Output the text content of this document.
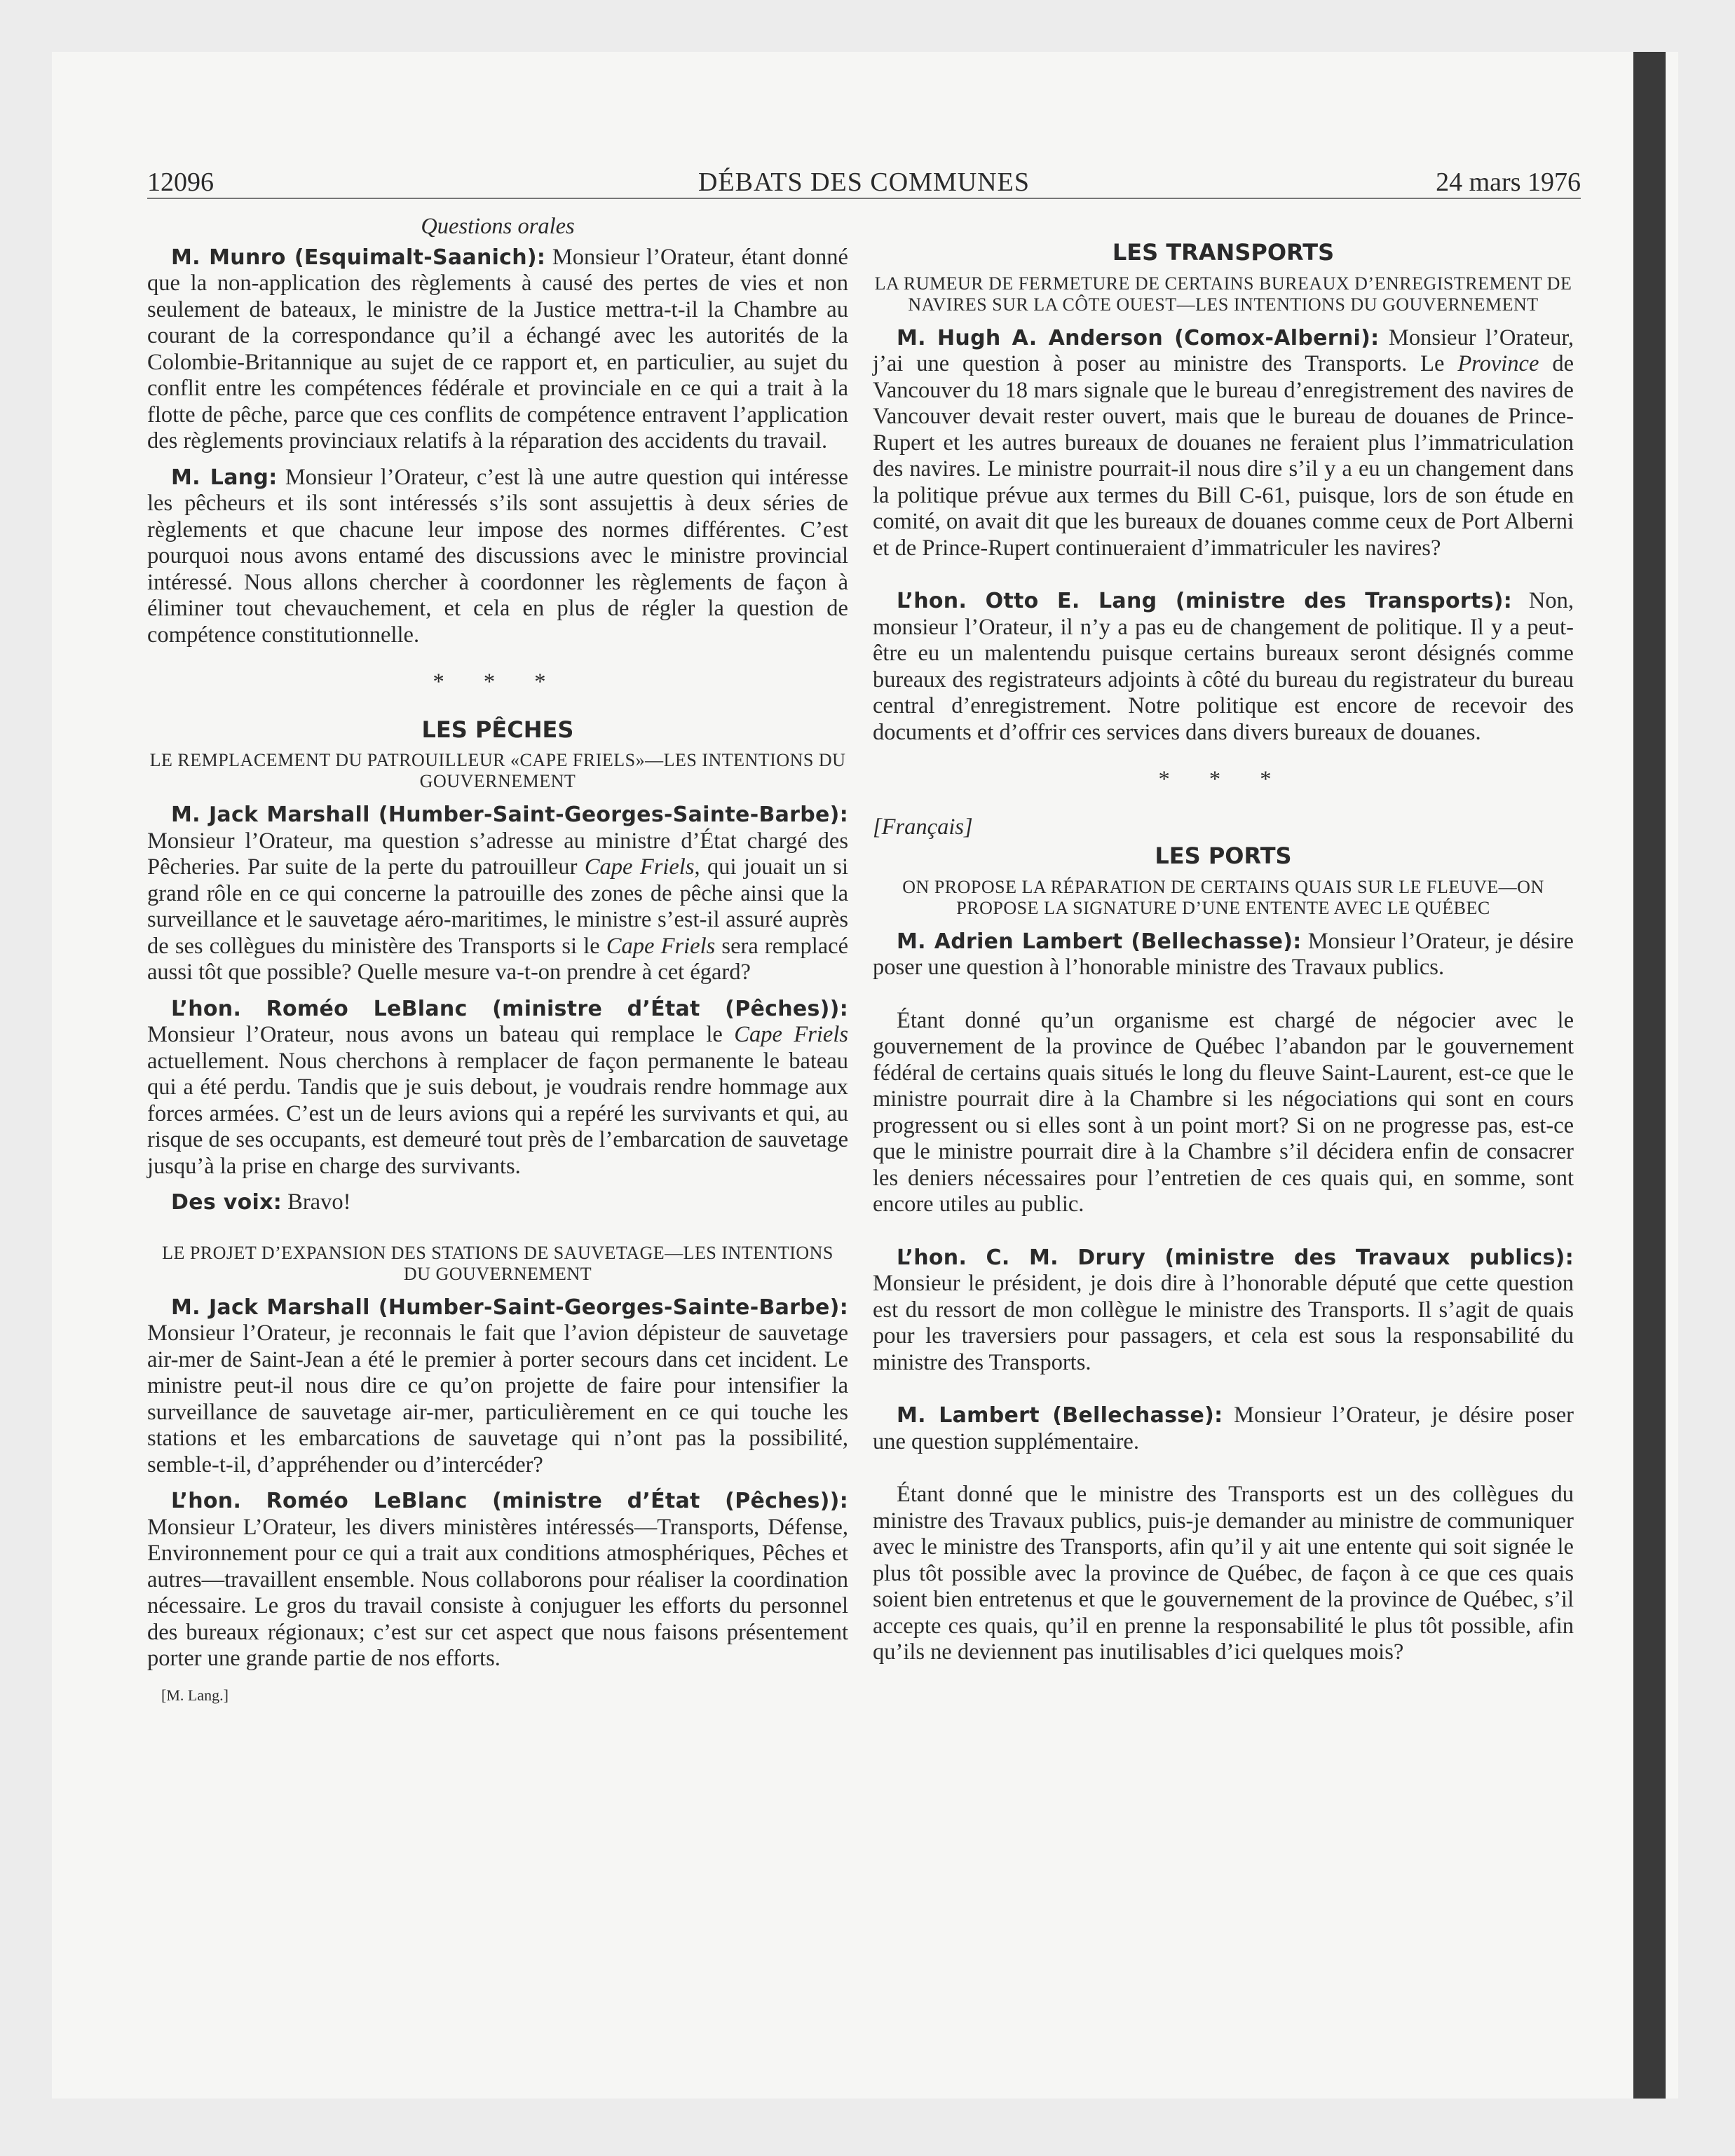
12096	DÉBATS DES COMMUNES	24 mars 1976
Questions orales

M. Munro (Esquimalt-Saanich): Monsieur l’Orateur, étant donné que la non-application des règlements à causé des pertes de vies et non seulement de bateaux, le ministre de la Justice mettra-t-il la Chambre au courant de la correspondance qu’il a échangé avec les autorités de la Colombie-Britannique au sujet de ce rapport et, en particulier, au sujet du conflit entre les compétences fédérale et provinciale en ce qui a trait à la flotte de pêche, parce que ces conflits de compétence entravent l’application des règlements provinciaux relatifs à la réparation des accidents du travail.

M. Lang: Monsieur l’Orateur, c’est là une autre question qui intéresse les pêcheurs et ils sont intéressés s’ils sont assujettis à deux séries de règlements et que chacune leur impose des normes différentes. C’est pourquoi nous avons entamé des discussions avec le ministre provincial intéressé. Nous allons chercher à coordonner les règlements de façon à éliminer tout chevauchement, et cela en plus de régler la question de compétence constitutionnelle.

* * *
LES PÊCHES
LE REMPLACEMENT DU PATROUILLEUR «CAPE FRIELS»—LES INTENTIONS DU GOUVERNEMENT

M. Jack Marshall (Humber-Saint-Georges-Sainte-Barbe): Monsieur l’Orateur, ma question s’adresse au ministre d’État chargé des Pêcheries. Par suite de la perte du patrouilleur Cape Friels, qui jouait un si grand rôle en ce qui concerne la patrouille des zones de pêche ainsi que la surveillance et le sauvetage aéro-maritimes, le ministre s’est-il assuré auprès de ses collègues du ministère des Transports si le Cape Friels sera remplacé aussi tôt que possible? Quelle mesure va-t-on prendre à cet égard?

L’hon. Roméo LeBlanc (ministre d’État (Pêches)): Monsieur l’Orateur, nous avons un bateau qui remplace le Cape Friels actuellement. Nous cherchons à remplacer de façon permanente le bateau qui a été perdu. Tandis que je suis debout, je voudrais rendre hommage aux forces armées. C’est un de leurs avions qui a repéré les survivants et qui, au risque de ses occupants, est demeuré tout près de l’embarcation de sauvetage jusqu’à la prise en charge des survivants.

Des voix: Bravo!

LE PROJET D’EXPANSION DES STATIONS DE SAUVETAGE—LES INTENTIONS DU GOUVERNEMENT

M. Jack Marshall (Humber-Saint-Georges-Sainte-Barbe): Monsieur l’Orateur, je reconnais le fait que l’avion dépisteur de sauvetage air-mer de Saint-Jean a été le premier à porter secours dans cet incident. Le ministre peut-il nous dire ce qu’on projette de faire pour intensifier la surveillance de sauvetage air-mer, particulièrement en ce qui touche les stations et les embarcations de sauvetage qui n’ont pas la possibilité, semble-t-il, d’appréhender ou d’intercéder?

L’hon. Roméo LeBlanc (ministre d’État (Pêches)): Monsieur L’Orateur, les divers ministères intéressés—Transports, Défense, Environnement pour ce qui a trait aux conditions atmosphériques, Pêches et autres—travaillent ensemble. Nous collaborons pour réaliser la coordination nécessaire. Le gros du travail consiste à conjuguer les efforts du personnel des bureaux régionaux; c’est sur cet aspect que nous faisons présentement porter une grande partie de nos efforts.

[M. Lang.]
LES TRANSPORTS
LA RUMEUR DE FERMETURE DE CERTAINS BUREAUX D’ENREGISTREMENT DE NAVIRES SUR LA CÔTE OUEST—LES INTENTIONS DU GOUVERNEMENT

M. Hugh A. Anderson (Comox-Alberni): Monsieur l’Orateur, j’ai une question à poser au ministre des Transports. Le Province de Vancouver du 18 mars signale que le bureau d’enregistrement des navires de Vancouver devait rester ouvert, mais que le bureau de douanes de Prince-Rupert et les autres bureaux de douanes ne feraient plus l’immatriculation des navires. Le ministre pourrait-il nous dire s’il y a eu un changement dans la politique prévue aux termes du Bill C-61, puisque, lors de son étude en comité, on avait dit que les bureaux de douanes comme ceux de Port Alberni et de Prince-Rupert continueraient d’immatriculer les navires?

L’hon. Otto E. Lang (ministre des Transports): Non, monsieur l’Orateur, il n’y a pas eu de changement de politique. Il y a peut-être eu un malentendu puisque certains bureaux seront désignés comme bureaux des registrateurs adjoints à côté du bureau du registrateur du bureau central d’enregistrement. Notre politique est encore de recevoir des documents et d’offrir ces services dans divers bureaux de douanes.

* * *
[Français]
LES PORTS
ON PROPOSE LA RÉPARATION DE CERTAINS QUAIS SUR LE FLEUVE—ON PROPOSE LA SIGNATURE D’UNE ENTENTE AVEC LE QUÉBEC

M. Adrien Lambert (Bellechasse): Monsieur l’Orateur, je désire poser une question à l’honorable ministre des Travaux publics.

Étant donné qu’un organisme est chargé de négocier avec le gouvernement de la province de Québec l’abandon par le gouvernement fédéral de certains quais situés le long du fleuve Saint-Laurent, est-ce que le ministre pourrait dire à la Chambre si les négociations qui sont en cours progressent ou si elles sont à un point mort? Si on ne progresse pas, est-ce que le ministre pourrait dire à la Chambre s’il décidera enfin de consacrer les deniers nécessaires pour l’entretien de ces quais qui, en somme, sont encore utiles au public.

L’hon. C. M. Drury (ministre des Travaux publics): Monsieur le président, je dois dire à l’honorable député que cette question est du ressort de mon collègue le ministre des Transports. Il s’agit de quais pour les traversiers pour passagers, et cela est sous la responsabilité du ministre des Transports.

M. Lambert (Bellechasse): Monsieur l’Orateur, je désire poser une question supplémentaire.

Étant donné que le ministre des Transports est un des collègues du ministre des Travaux publics, puis-je demander au ministre de communiquer avec le ministre des Transports, afin qu’il y ait une entente qui soit signée le plus tôt possible avec la province de Québec, de façon à ce que ces quais soient bien entretenus et que le gouvernement de la province de Québec, s’il accepte ces quais, qu’il en prenne la responsabilité le plus tôt possible, afin qu’ils ne deviennent pas inutilisables d’ici quelques mois?
